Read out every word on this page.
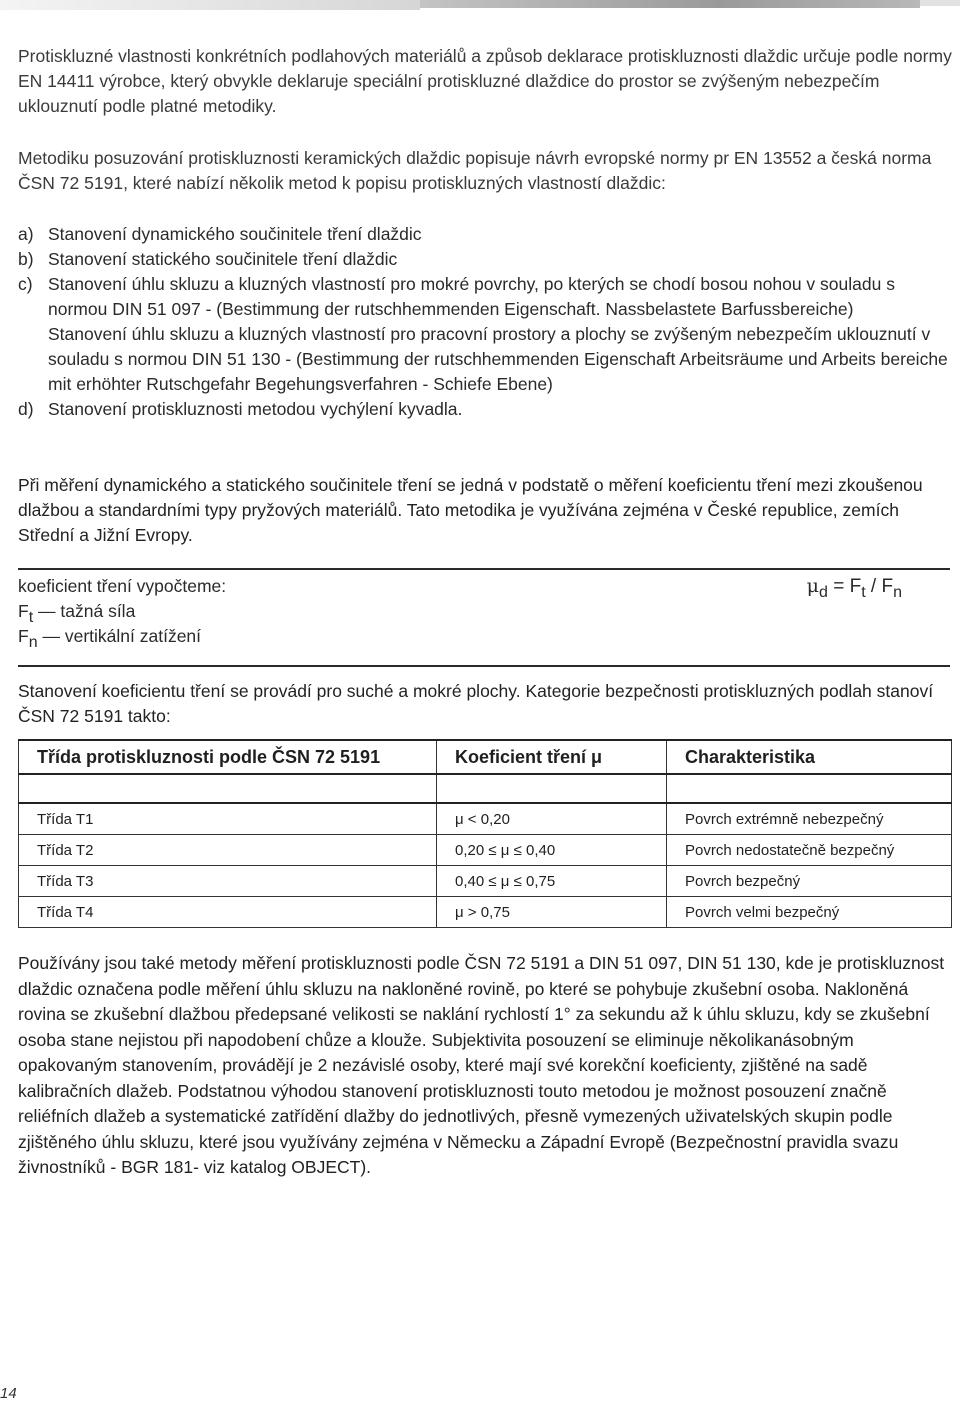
Protiskluzné vlastnosti konkrétních podlahových materiálů a způsob deklarace protiskluznosti dlaždic určuje podle normy EN 14411 výrobce, který obvykle deklaruje speciální protiskluzné dlaždice do prostor se zvýšeným nebezpečím uklouznutí podle platné metodiky.

Metodiku posuzování protiskluznosti keramických dlaždic popisuje návrh evropské normy pr EN 13552 a česká norma ČSN 72 5191, které nabízí několik metod k popisu protiskluzných vlastností dlaždic:

a) Stanovení dynamického součinitele tření dlaždic
b) Stanovení statického součinitele tření dlaždic
c) Stanovení úhlu skluzu a kluzných vlastností pro mokré povrchy, po kterých se chodí bosou nohou v souladu s normou DIN 51 097 - (Bestimmung der rutschhemmenden Eigenschaft. Nassbelastete Barfussbereiche)
Stanovení úhlu skluzu a kluzných vlastností pro pracovní prostory a plochy se zvýšeným nebezpečím uklouznutí v souladu s normou DIN 51 130 - (Bestimmung der rutschhemmenden Eigenschaft Arbeitsräume und Arbeits bereiche mit erhöhter Rutschgefahr Begehungsverfahren - Schiefe Ebene)
d) Stanovení protiskluznosti metodou vychýlení kyvadla.

Při měření dynamického a statického součinitele tření se jedná v podstatě o měření koeficientu tření mezi zkoušenou dlažbou a standardními typy pryžových materiálů. Tato metodika je využívána zejména v České republice, zemích Střední a Jižní Evropy.

koeficient tření vypočteme:
$F_t$ — tažná síla
$F_n$ — vertikální zatížení
$\mu_d = F_t / F_n$

Stanovení koeficientu tření se provádí pro suché a mokré plochy. Kategorie bezpečnosti protiskluzných podlah stanoví ČSN 72 5191 takto:

Třída protiskluznosti podle ČSN 72 5191	Koeficient tření μ	Charakteristika

Třída T1	μ < 0,20	Povrch extrémně nebezpečný
Třída T2	0,20 ≤ μ ≤ 0,40	Povrch nedostatečně bezpečný
Třída T3	0,40 ≤ μ ≤ 0,75	Povrch bezpečný
Třída T4	μ > 0,75	Povrch velmi bezpečný

Používány jsou také metody měření protiskluznosti podle ČSN 72 5191 a DIN 51 097, DIN 51 130, kde je protiskluznost dlaždic označena podle měření úhlu skluzu na nakloněné rovině, po které se pohybuje zkušební osoba. Nakloněná rovina se zkušební dlažbou předepsané velikosti se naklání rychlostí 1° za sekundu až k úhlu skluzu, kdy se zkušební osoba stane nejistou při napodobení chůze a klouže. Subjektivita posouzení se eliminuje několikanásobným opakovaným stanovením, provádějí je 2 nezávislé osoby, které mají své korekční koeficienty, zjištěné na sadě kalibračních dlažeb. Podstatnou výhodou stanovení protiskluznosti touto metodou je možnost posouzení značně reliéfních dlažeb a systematické zatřídění dlažby do jednotlivých, přesně vymezených uživatelských skupin podle zjištěného úhlu skluzu, které jsou využívány zejména v Německu a Západní Evropě (Bezpečnostní pravidla svazu živnostníků - BGR 181- viz katalog OBJECT).

14
